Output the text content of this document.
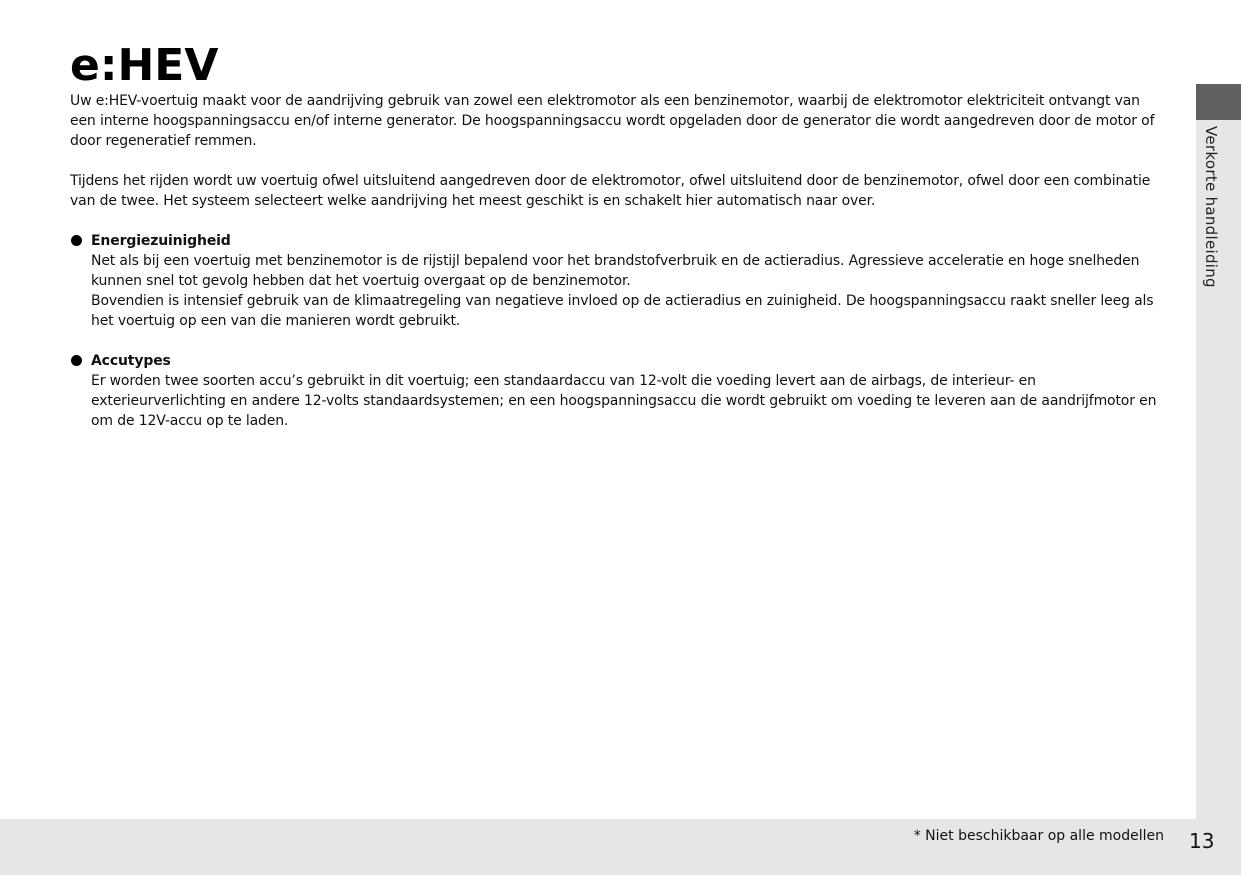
e:HEV

Uw e:HEV-voertuig maakt voor de aandrijving gebruik van zowel een elektromotor als een benzinemotor, waarbij de elektromotor elektriciteit ontvangt van een interne hoogspanningsaccu en/of interne generator. De hoogspanningsaccu wordt opgeladen door de generator die wordt aangedreven door de motor of door regeneratief remmen.

Tijdens het rijden wordt uw voertuig ofwel uitsluitend aangedreven door de elektromotor, ofwel uitsluitend door de benzinemotor, ofwel door een combinatie van de twee. Het systeem selecteert welke aandrijving het meest geschikt is en schakelt hier automatisch naar over.

Energiezuinigheid
Net als bij een voertuig met benzinemotor is de rijstijl bepalend voor het brandstofverbruik en de actieradius. Agressieve acceleratie en hoge snelheden kunnen snel tot gevolg hebben dat het voertuig overgaat op de benzinemotor.
Bovendien is intensief gebruik van de klimaatregeling van negatieve invloed op de actieradius en zuinigheid. De hoogspanningsaccu raakt sneller leeg als het voertuig op een van die manieren wordt gebruikt.
Accutypes
Er worden twee soorten accu’s gebruikt in dit voertuig; een standaardaccu van 12-volt die voeding levert aan de airbags, de interieur- en exterieurverlichting en andere 12-volts standaardsystemen; en een hoogspanningsaccu die wordt gebruikt om voeding te leveren aan de aandrijfmotor en om de 12V-accu op te laden.
Verkorte handleiding
* Niet beschikbaar op alle modellen 13
